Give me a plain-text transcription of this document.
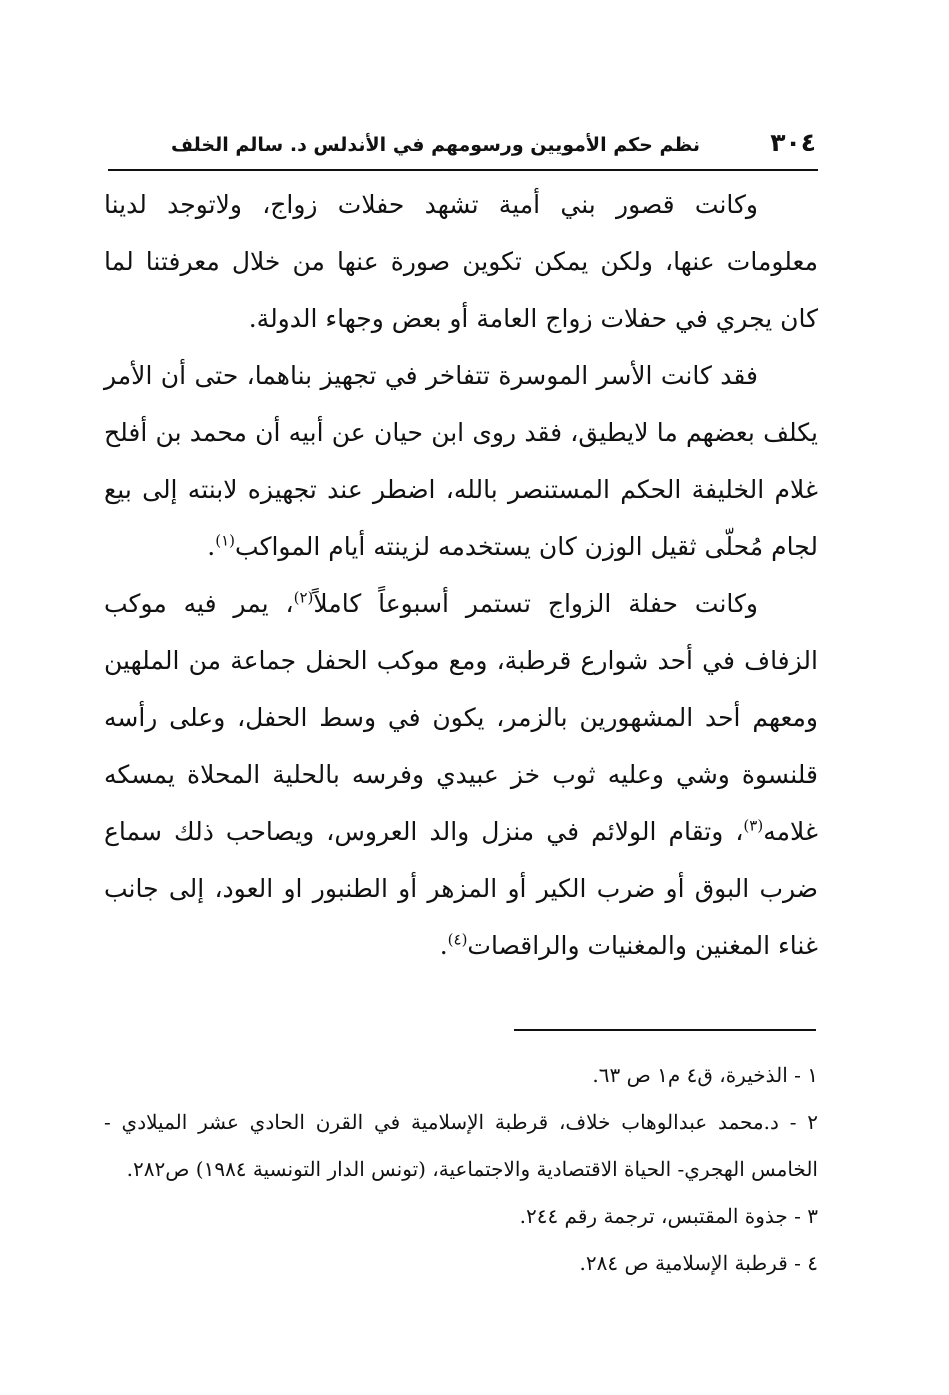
٣٠٤
نظم حكم الأمويين ورسومهم في الأندلس د. سالم الخلف

وكانت قصور بني أمية تشهد حفلات زواج، ولاتوجد لدينا معلومات عنها، ولكن يمكن تكوين صورة عنها من خلال معرفتنا لما كان يجري في حفلات زواج العامة أو بعض وجهاء الدولة.

فقد كانت الأسر الموسرة تتفاخر في تجهيز بناهما، حتى أن الأمر يكلف بعضهم ما لايطيق، فقد روى ابن حيان عن أبيه أن محمد بن أفلح غلام الخليفة الحكم المستنصر بالله، اضطر عند تجهيزه لابنته إلى بيع لجام مُحلّى ثقيل الوزن كان يستخدمه لزينته أيام المواكب$^{(١)}$.

وكانت حفلة الزواج تستمر أسبوعاً كاملاً$^{(٢)}$، يمر فيه موكب الزفاف في أحد شوارع قرطبة، ومع موكب الحفل جماعة من الملهين ومعهم أحد المشهورين بالزمر، يكون في وسط الحفل، وعلى رأسه قلنسوة وشي وعليه ثوب خز عبيدي وفرسه بالحلية المحلاة يمسكه غلامه$^{(٣)}$، وتقام الولائم في منزل والد العروس، ويصاحب ذلك سماع ضرب البوق أو ضرب الكير أو المزهر أو الطنبور او العود، إلى جانب غناء المغنين والمغنيات والراقصات$^{(٤)}$.

١ - الذخيرة، ق٤ م١ ص ٦٣.

٢ - د.محمد عبدالوهاب خلاف، قرطبة الإسلامية في القرن الحادي عشر الميلادي - الخامس الهجري- الحياة الاقتصادية والاجتماعية، (تونس الدار التونسية ١٩٨٤) ص٢٨٢.

٣ - جذوة المقتبس، ترجمة رقم ٢٤٤.

٤ - قرطبة الإسلامية ص ٢٨٤.
